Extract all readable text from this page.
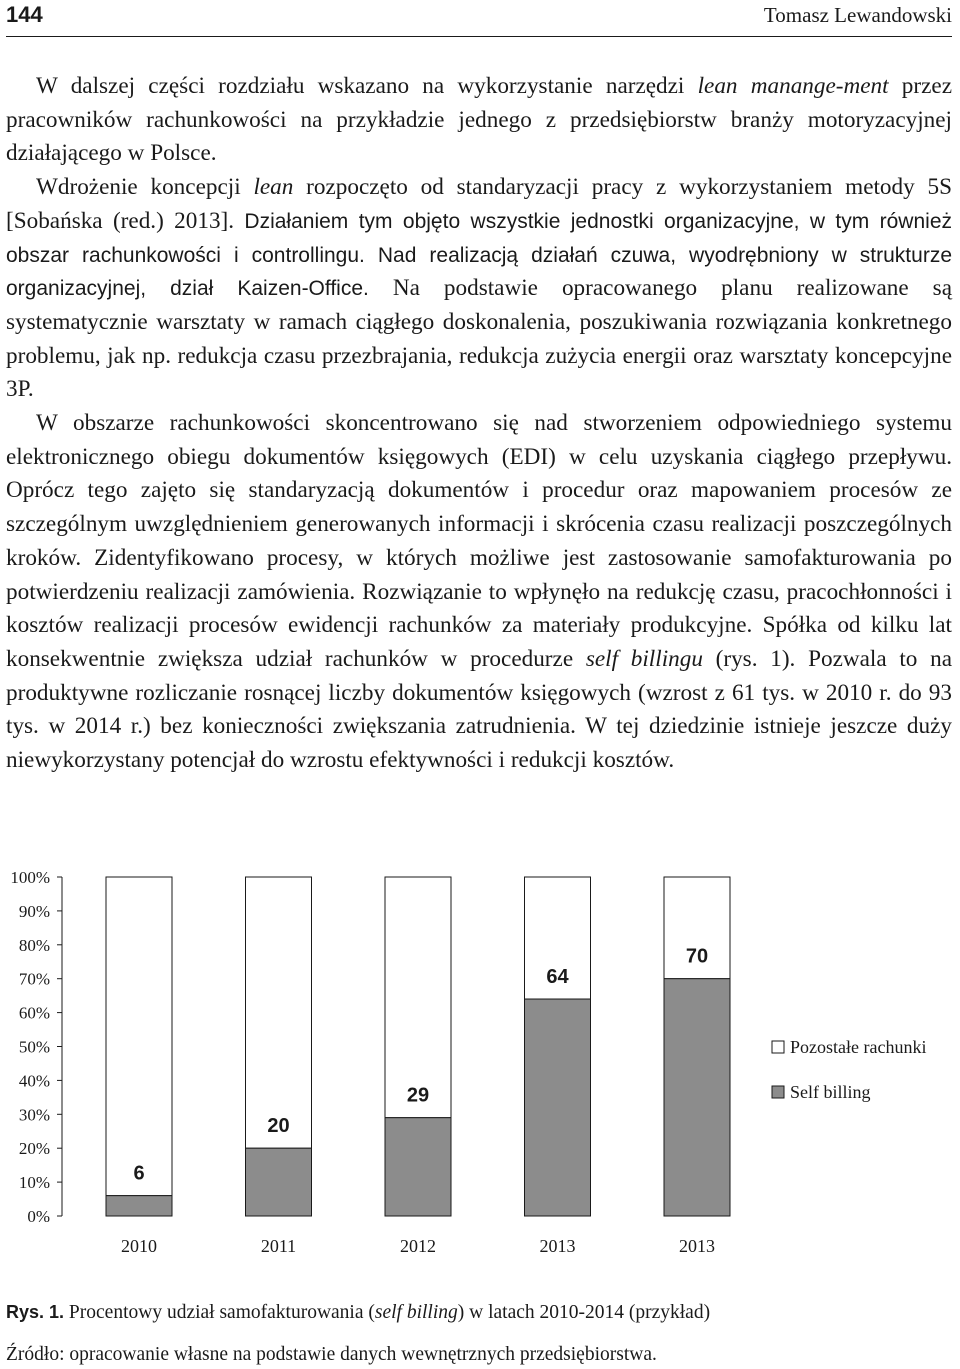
144	Tomasz Lewandowski

W dalszej części rozdziału wskazano na wykorzystanie narzędzi lean manange-ment przez pracowników rachunkowości na przykładzie jednego z przedsiębiorstw branży motoryzacyjnej działającego w Polsce.

Wdrożenie koncepcji lean rozpoczęto od standaryzacji pracy z wykorzystaniem metody 5S [Sobańska (red.) 2013]. Działaniem tym objęto wszystkie jednostki organizacyjne, w tym również obszar rachunkowości i controllingu. Nad realizacją działań czuwa, wyodrębniony w strukturze organizacyjnej, dział Kaizen-Office. Na podstawie opracowanego planu realizowane są systematycznie warsztaty w ramach ciągłego doskonalenia, poszukiwania rozwiązania konkretnego problemu, jak np. redukcja czasu przezbrajania, redukcja zużycia energii oraz warsztaty koncepcyjne 3P.

W obszarze rachunkowości skoncentrowano się nad stworzeniem odpowiedniego systemu elektronicznego obiegu dokumentów księgowych (EDI) w celu uzyskania ciągłego przepływu. Oprócz tego zajęto się standaryzacją dokumentów i procedur oraz mapowaniem procesów ze szczególnym uwzględnieniem generowanych informacji i skrócenia czasu realizacji poszczególnych kroków. Zidentyfikowano procesy, w których możliwe jest zastosowanie samofakturowania po potwierdzeniu realizacji zamówienia. Rozwiązanie to wpłynęło na redukcję czasu, pracochłonności i kosztów realizacji procesów ewidencji rachunków za materiały produkcyjne. Spółka od kilku lat konsekwentnie zwiększa udział rachunków w procedurze self billingu (rys. 1). Pozwala to na produktywne rozliczanie rosnącej liczby dokumentów księgowych (wzrost z 61 tys. w 2010 r. do 93 tys. w 2014 r.) bez konieczności zwiększania zatrudnienia. W tej dziedzinie istnieje jeszcze duży niewykorzystany potencjał do wzrostu efektywności i redukcji kosztów.

0%
10%
20%
30%
40%
50%
60%
70%
80%
90%
100%
6
2010
20
2011
29
2012
64
2013
70
2013
Pozostałe rachunki
Self billing
Rys. 1. Procentowy udział samofakturowania (self billing) w latach 2010-2014 (przykład)
Źródło: opracowanie własne na podstawie danych wewnętrznych przedsiębiorstwa.
